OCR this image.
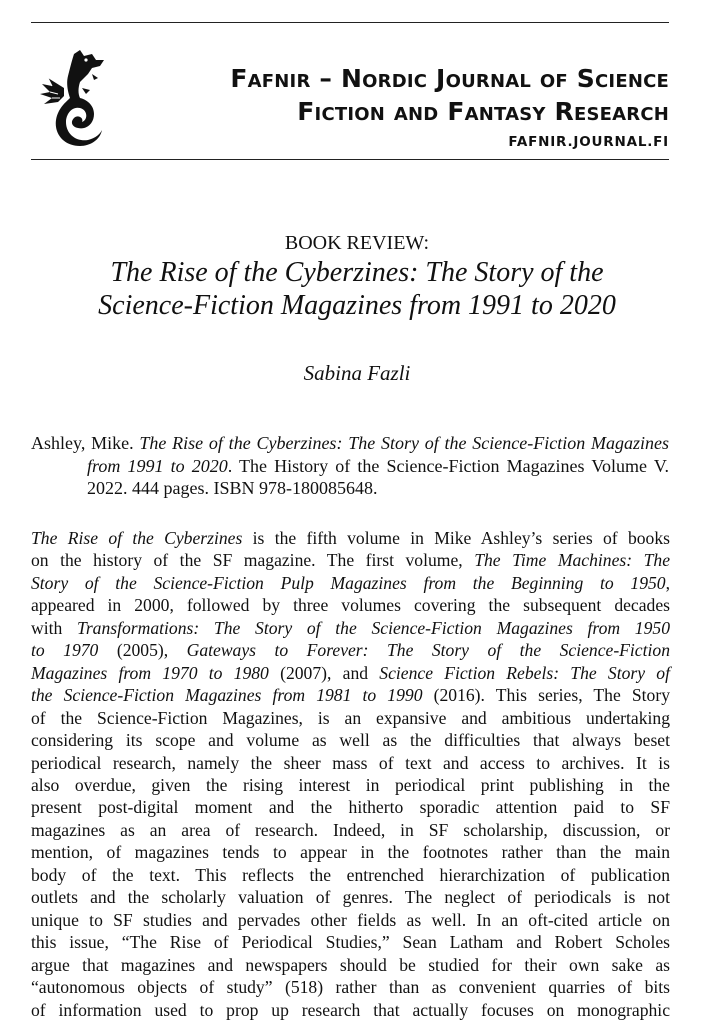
Fafnir – Nordic Journal of Science
Fiction and Fantasy Research
FAFNIR.JOURNAL.FI
BOOK REVIEW:
The Rise of the Cyberzines: The Story of the
Science-Fiction Magazines from 1991 to 2020
Sabina Fazli
Ashley, Mike. The Rise of the Cyberzines: The Story of the Science-Fiction Magazines from 1991 to 2020. The History of the Science-Fiction Magazines Volume V. 2022. 444 pages. ISBN 978-180085648.
The Rise of the Cyberzines is the fifth volume in Mike Ashley’s series of books
on the history of the SF magazine. The first volume, The Time Machines: The
Story of the Science-Fiction Pulp Magazines from the Beginning to 1950,
appeared in 2000, followed by three volumes covering the subsequent decades
with Transformations: The Story of the Science-Fiction Magazines from 1950
to 1970 (2005), Gateways to Forever: The Story of the Science-Fiction
Magazines from 1970 to 1980 (2007), and Science Fiction Rebels: The Story of
the Science-Fiction Magazines from 1981 to 1990 (2016). This series, The Story
of the Science-Fiction Magazines, is an expansive and ambitious undertaking
considering its scope and volume as well as the difficulties that always beset
periodical research, namely the sheer mass of text and access to archives. It is
also overdue, given the rising interest in periodical print publishing in the
present post-digital moment and the hitherto sporadic attention paid to SF
magazines as an area of research. Indeed, in SF scholarship, discussion, or
mention, of magazines tends to appear in the footnotes rather than the main
body of the text. This reflects the entrenched hierarchization of publication
outlets and the scholarly valuation of genres. The neglect of periodicals is not
unique to SF studies and pervades other fields as well. In an oft-cited article on
this issue, “The Rise of Periodical Studies,” Sean Latham and Robert Scholes
argue that magazines and newspapers should be studied for their own sake as
“autonomous objects of study” (518) rather than as convenient quarries of bits
of information used to prop up research that actually focuses on monographic
